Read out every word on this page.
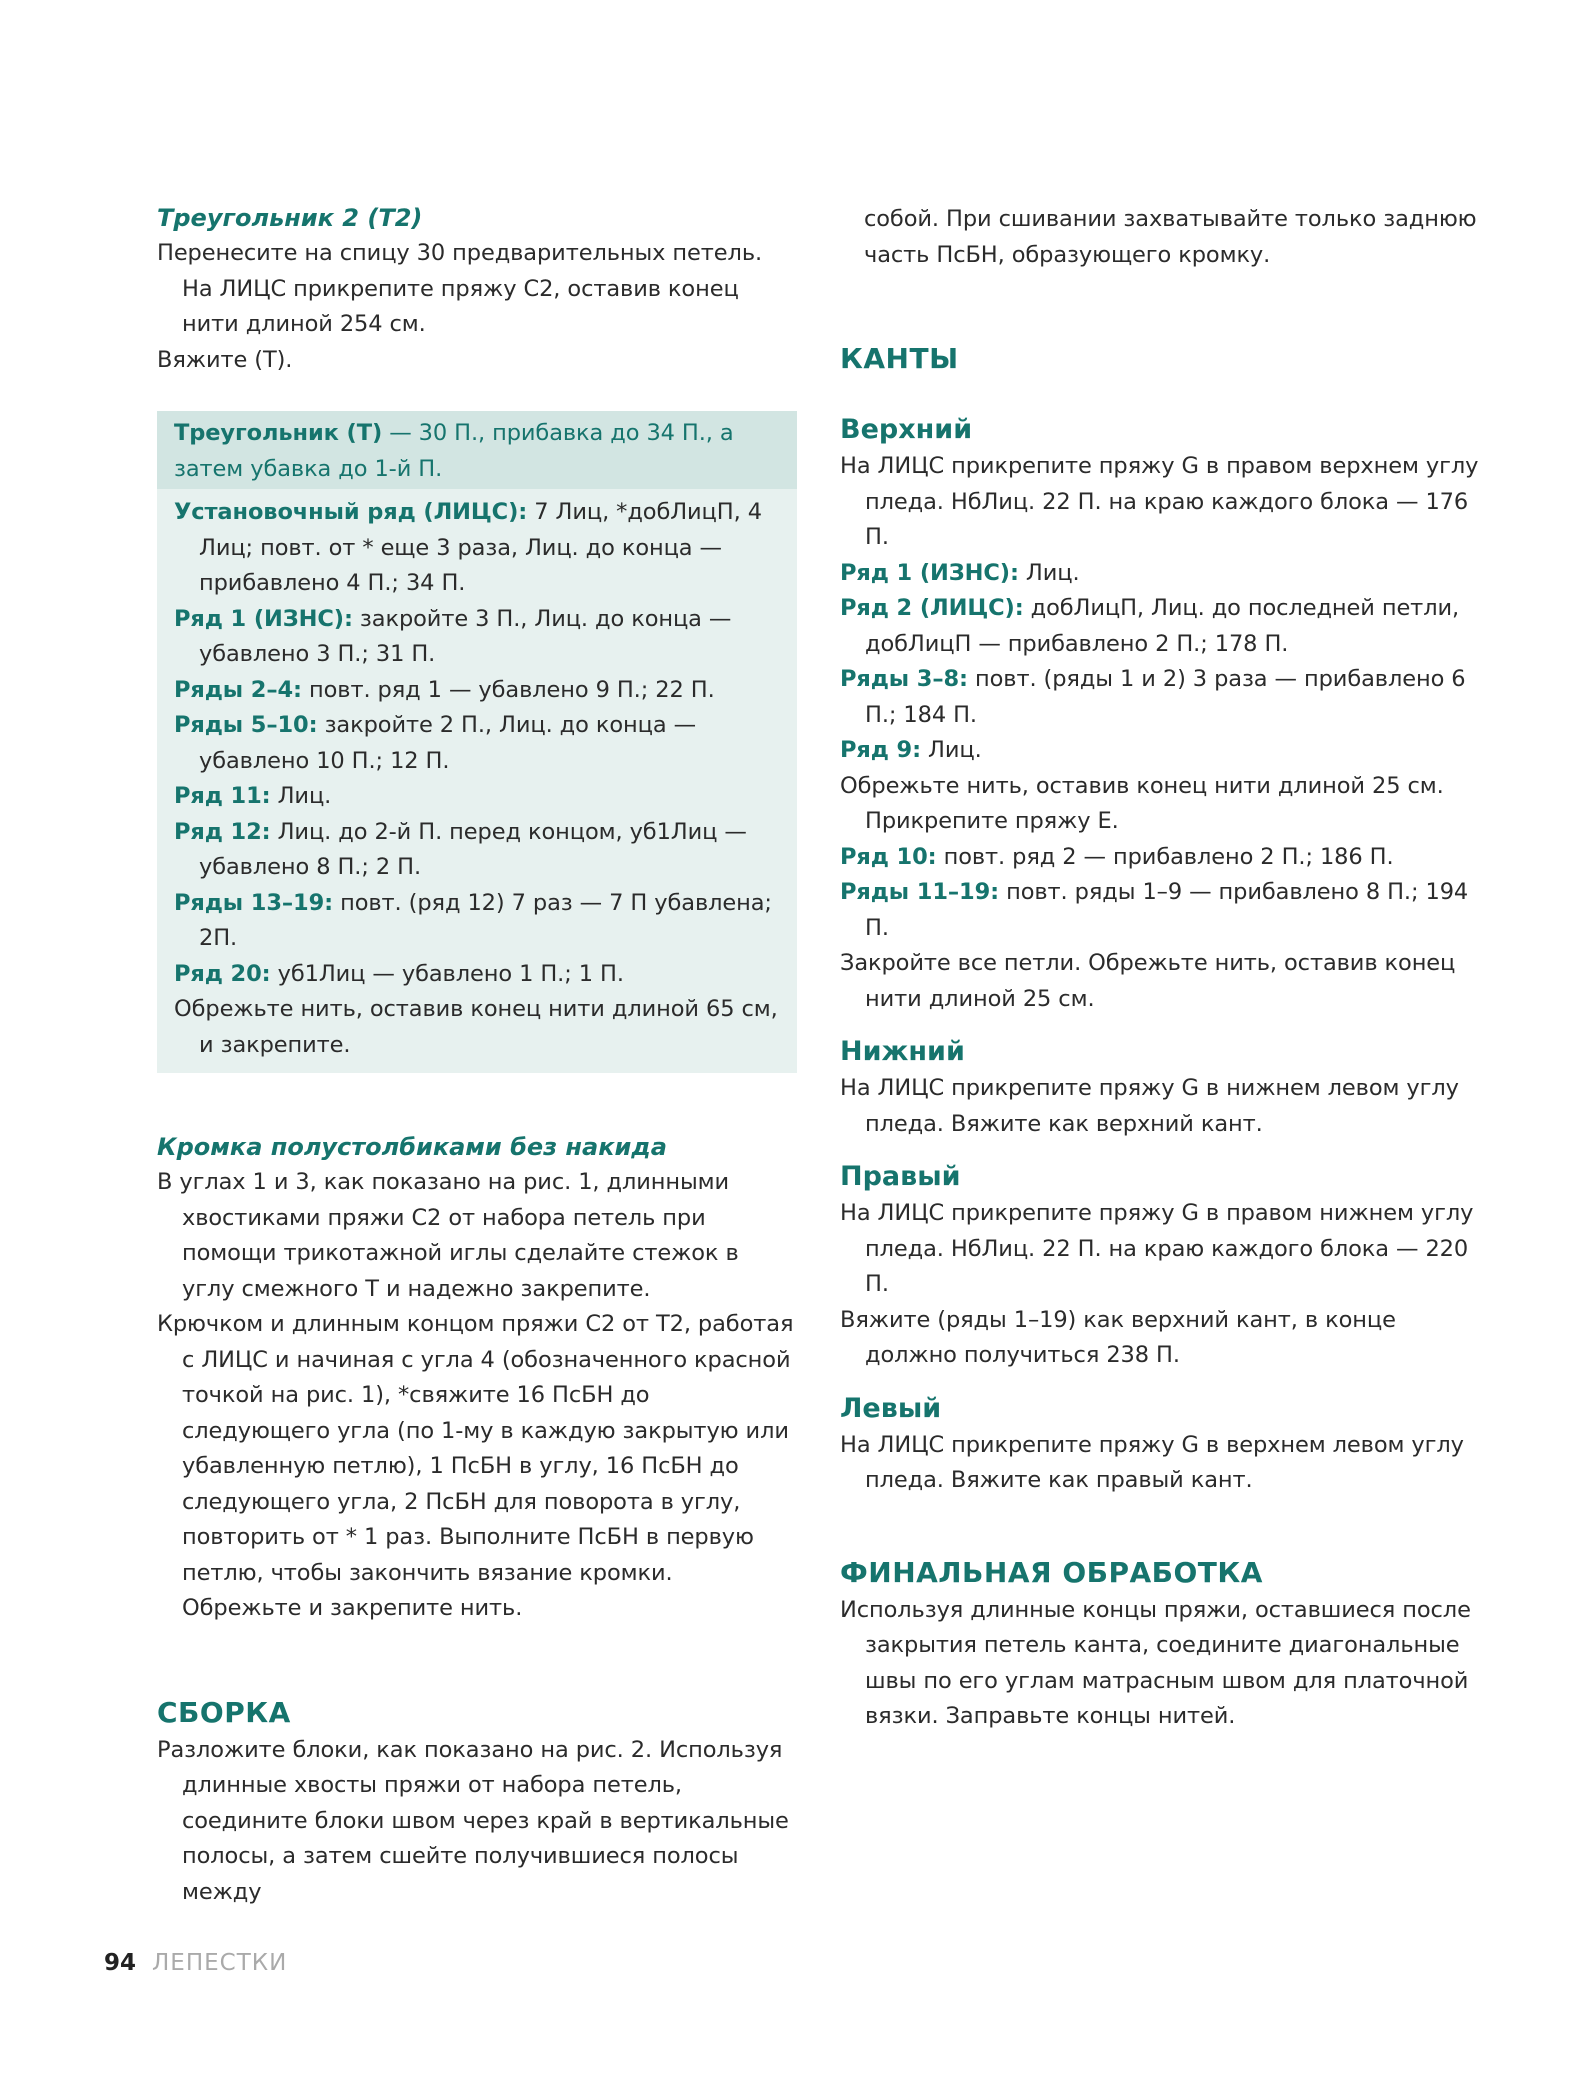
Треугольник 2 (Т2)

Перенесите на спицу 30 предварительных петель.

На ЛИЦС прикрепите пряжу С2, оставив конец нити длиной 254 см.

Вяжите (Т).

Треугольник (Т) — 30 П., прибавка до 34 П., а затем убавка до 1-й П.

Установочный ряд (ЛИЦС): 7 Лиц, *добЛицП, 4 Лиц; повт. от * еще 3 раза, Лиц. до конца — прибавлено 4 П.; 34 П.

Ряд 1 (ИЗНС): закройте 3 П., Лиц. до конца — убавлено 3 П.; 31 П.

Ряды 2–4: повт. ряд 1 — убавлено 9 П.; 22 П.

Ряды 5–10: закройте 2 П., Лиц. до конца — убавлено 10 П.; 12 П.

Ряд 11: Лиц.

Ряд 12: Лиц. до 2-й П. перед концом, уб1Лиц — убавлено 8 П.; 2 П.

Ряды 13–19: повт. (ряд 12) 7 раз — 7 П убавлена; 2П.

Ряд 20: уб1Лиц — убавлено 1 П.; 1 П.

Обрежьте нить, оставив конец нити длиной 65 см, и закрепите.

Кромка полустолбиками без накида

В углах 1 и 3, как показано на рис. 1, длинными хвостиками пряжи С2 от набора петель при помощи трикотажной иглы сделайте стежок в углу смежного Т и надежно закрепите.

Крючком и длинным концом пряжи С2 от Т2, работая с ЛИЦС и начиная с угла 4 (обозначенного красной точкой на рис. 1), *свяжите 16 ПсБН до следующего угла (по 1-му в каждую закрытую или убавленную петлю), 1 ПсБН в углу, 16 ПсБН до следующего угла, 2 ПсБН для поворота в углу, повторить от * 1 раз. Выполните ПсБН в первую петлю, чтобы закончить вязание кромки. Обрежьте и закрепите нить.

СБОРКА

Разложите блоки, как показано на рис. 2. Используя длинные хвосты пряжи от набора петель, соедините блоки швом через край в вертикальные полосы, а затем сшейте получившиеся полосы между

собой. При сшивании захватывайте только заднюю часть ПсБН, образующего кромку.

КАНТЫ
Верхний

На ЛИЦС прикрепите пряжу G в правом верхнем углу пледа. НбЛиц. 22 П. на краю каждого блока — 176 П.

Ряд 1 (ИЗНС): Лиц.

Ряд 2 (ЛИЦС): добЛицП, Лиц. до последней петли, добЛицП — прибавлено 2 П.; 178 П.

Ряды 3–8: повт. (ряды 1 и 2) 3 раза — прибавлено 6 П.; 184 П.

Ряд 9: Лиц.

Обрежьте нить, оставив конец нити длиной 25 см. Прикрепите пряжу Е.

Ряд 10: повт. ряд 2 — прибавлено 2 П.; 186 П.

Ряды 11–19: повт. ряды 1–9 — прибавлено 8 П.; 194 П.

Закройте все петли. Обрежьте нить, оставив конец нити длиной 25 см.

Нижний

На ЛИЦС прикрепите пряжу G в нижнем левом углу пледа. Вяжите как верхний кант.

Правый

На ЛИЦС прикрепите пряжу G в правом нижнем углу пледа. НбЛиц. 22 П. на краю каждого блока — 220 П.

Вяжите (ряды 1–19) как верхний кант, в конце должно получиться 238 П.

Левый

На ЛИЦС прикрепите пряжу G в верхнем левом углу пледа. Вяжите как правый кант.

ФИНАЛЬНАЯ ОБРАБОТКА

Используя длинные концы пряжи, оставшиеся после закрытия петель канта, соедините диагональные швы по его углам матрасным швом для платочной вязки. Заправьте концы нитей.

94 ЛЕПЕСТКИ
